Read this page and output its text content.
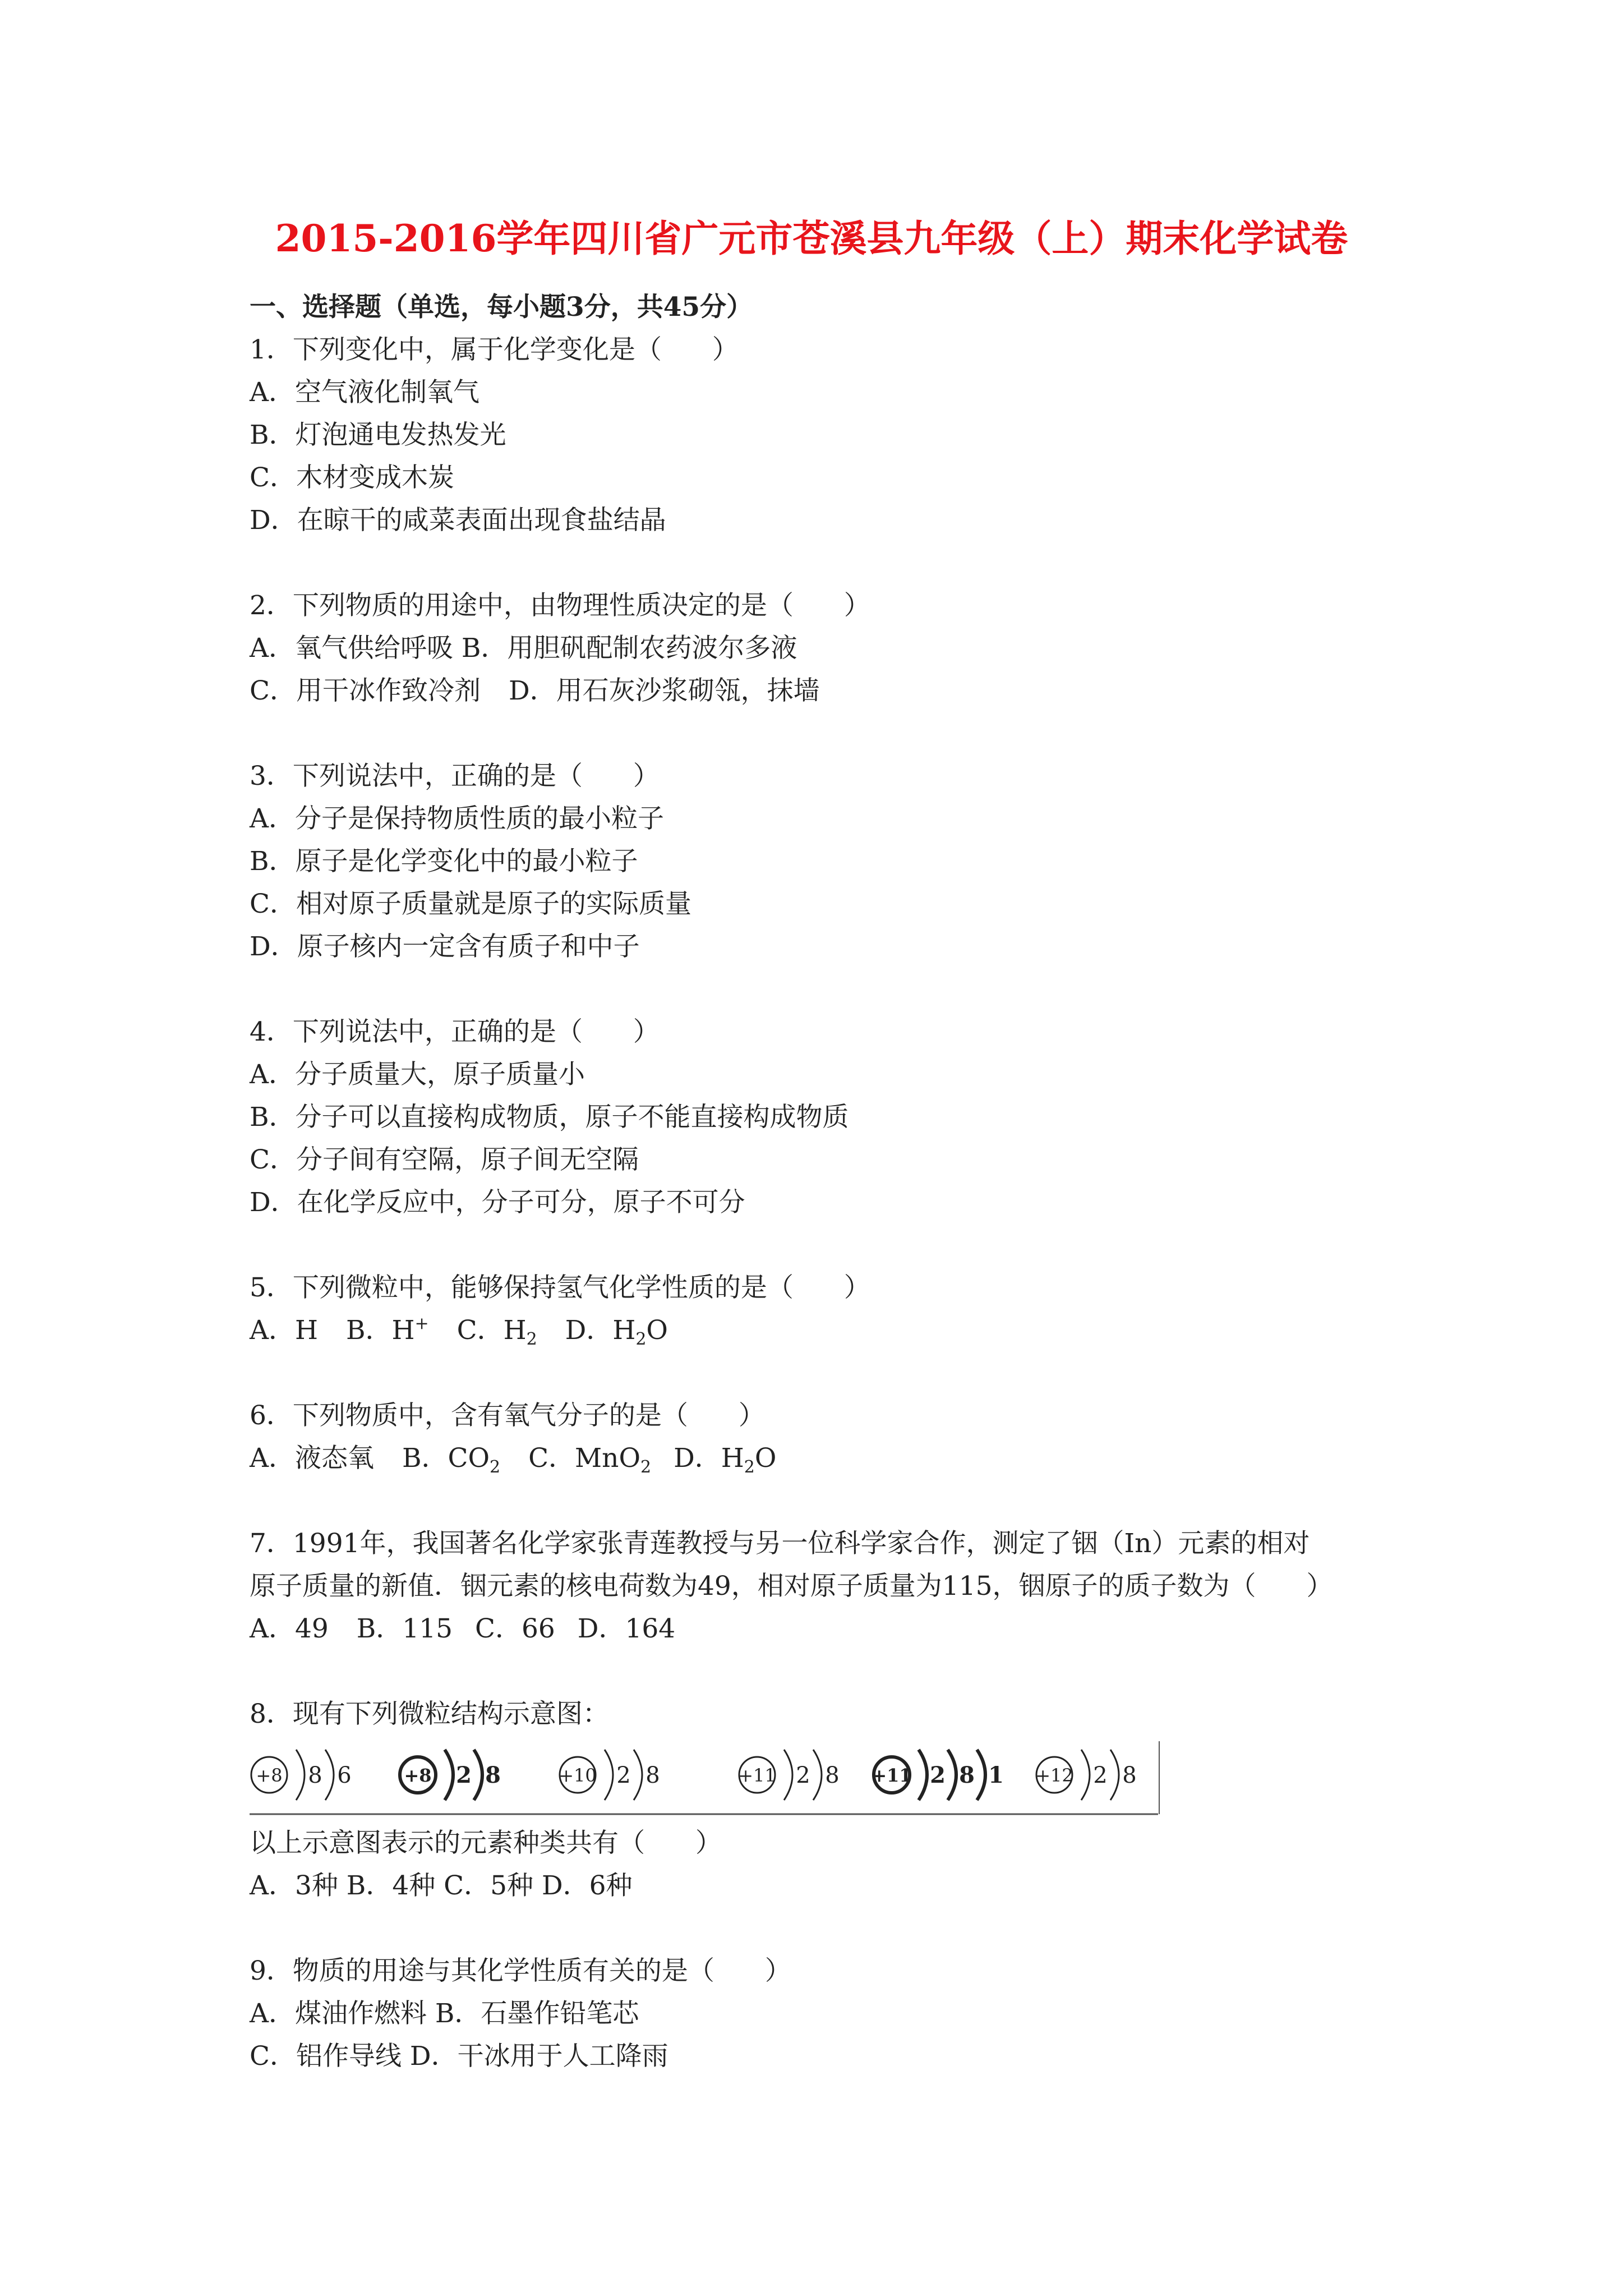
2015-2016学年四川省广元市苍溪县九年级（上）期末化学试卷
一、选择题（单选，每小题3分，共45分）
1．下列变化中，属于化学变化是（ ）
A．空气液化制氧气
B．灯泡通电发热发光
C．木材变成木炭
D．在晾干的咸菜表面出现食盐结晶
2．下列物质的用途中，由物理性质决定的是（ ）
A．氧气供给呼吸 B．用胆矾配制农药波尔多液
C．用干冰作致冷剂 D．用石灰沙浆砌瓴，抹墙
3．下列说法中，正确的是（ ）
A．分子是保持物质性质的最小粒子
B．原子是化学变化中的最小粒子
C．相对原子质量就是原子的实际质量
D．原子核内一定含有质子和中子
4．下列说法中，正确的是（ ）
A．分子质量大，原子质量小
B．分子可以直接构成物质，原子不能直接构成物质
C．分子间有空隔，原子间无空隔
D．在化学反应中，分子可分，原子不可分
5．下列微粒中，能够保持氢气化学性质的是（ ）
A．H B．H+ C．$H_2$ D．$H_2O$
6．下列物质中，含有氧气分子的是（ ）
A．液态氧 B．$CO_2$ C．MnO$_2$ D．$H_2O$
7．1991年，我国著名化学家张青莲教授与另一位科学家合作，测定了铟（In）元素的相对
原子质量的新值．铟元素的核电荷数为49，相对原子质量为115，铟原子的质子数为（ ）
A．49 B．115 C．66 D．164
8．现有下列微粒结构示意图：
+8 8 6	+8 2 8	+10 2 8	+11 2 8 +11 2 8 1 +12 2 8
以上示意图表示的元素种类共有（ ）
A．3种 B．4种 C．5种 D．6种
9．物质的用途与其化学性质有关的是（ ）
A．煤油作燃料 B．石墨作铅笔芯
C．铝作导线 D．干冰用于人工降雨
